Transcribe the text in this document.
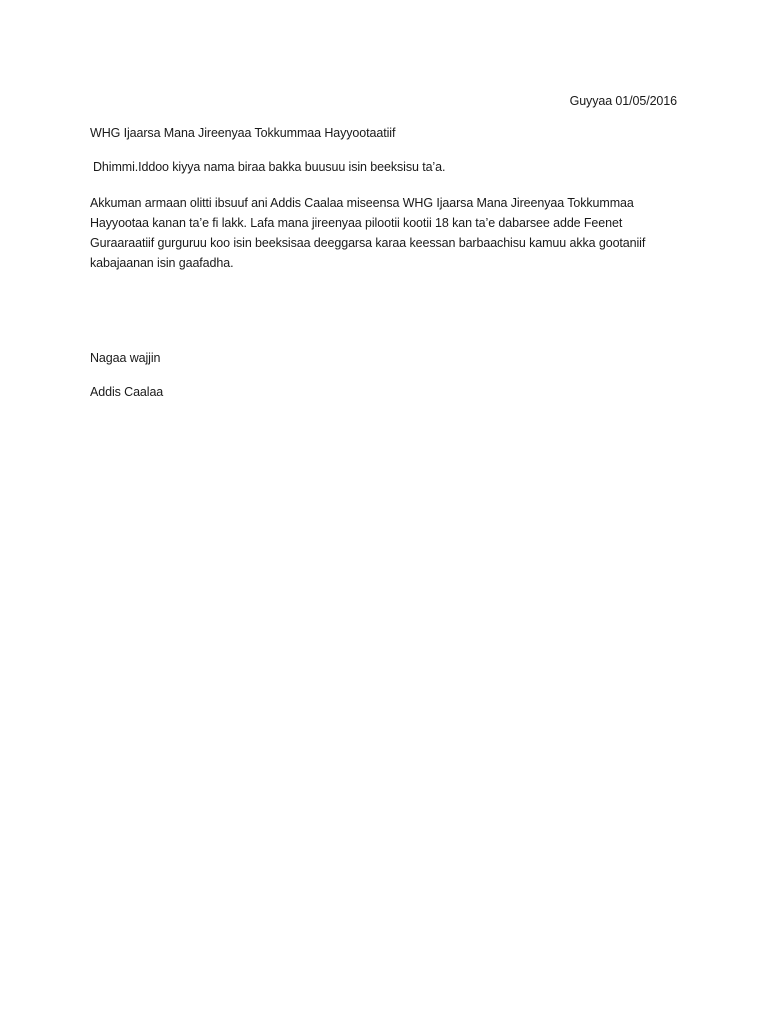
Guyyaa 01/05/2016
WHG Ijaarsa Mana Jireenyaa Tokkummaa Hayyootaatiif
Dhimmi.Iddoo kiyya nama biraa bakka buusuu isin beeksisu ta’a.
Akkuman armaan olitti ibsuuf ani Addis Caalaa miseensa WHG Ijaarsa Mana Jireenyaa Tokkummaa
Hayyootaa kanan ta’e fi lakk. Lafa mana jireenyaa pilootii kootii 18 kan ta’e dabarsee adde Feenet
Guraaraatiif gurguruu koo isin beeksisaa deeggarsa karaa keessan barbaachisu kamuu akka gootaniif
kabajaanan isin gaafadha.
Nagaa wajjin
Addis Caalaa
